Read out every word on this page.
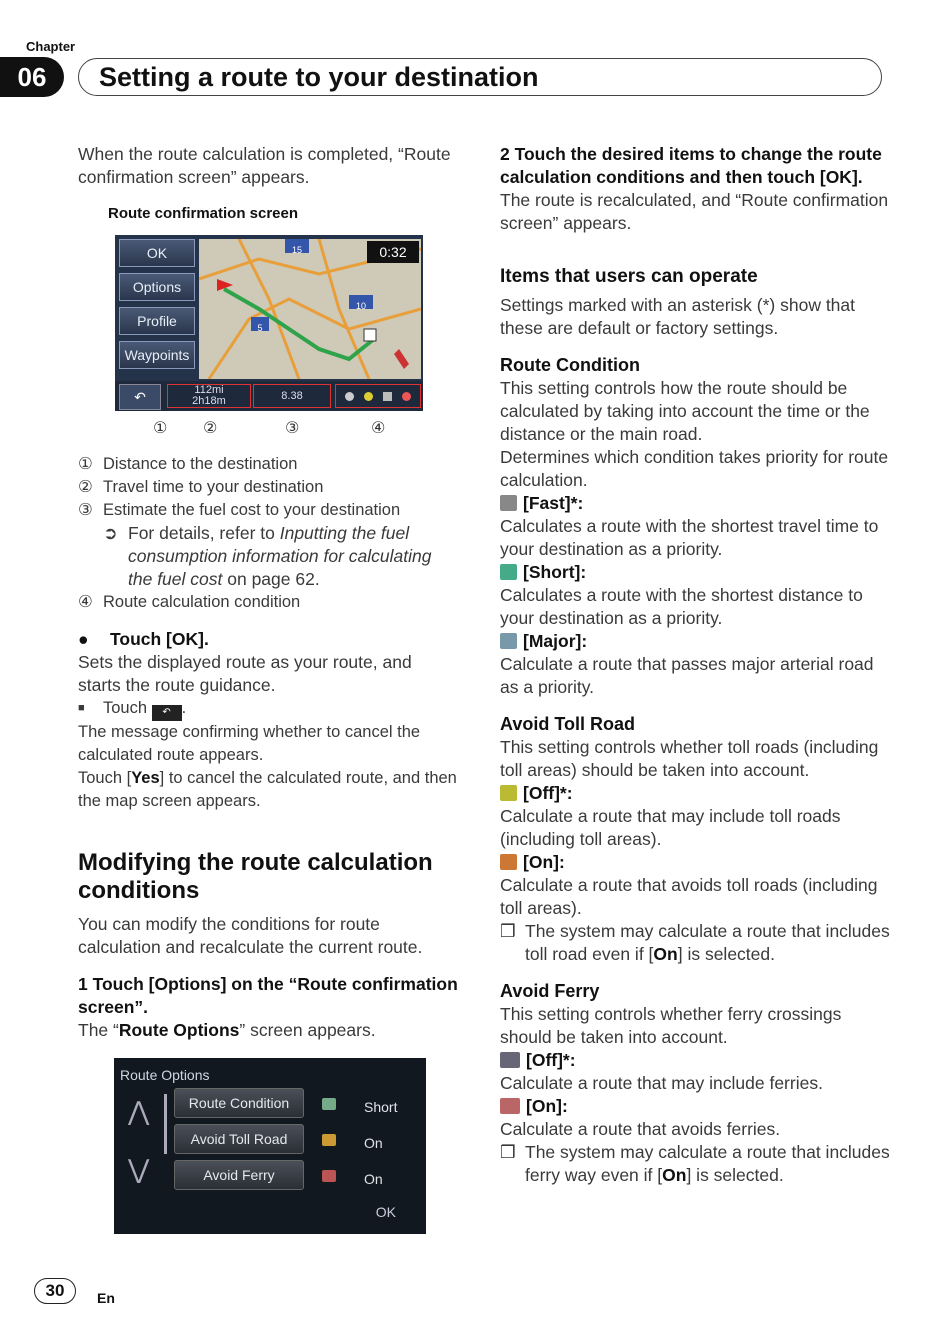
Chapter
06	Setting a route to your destination

When the route calculation is completed, “Route confirmation screen” appears.

Route confirmation screen
OK
Options
Profile
Waypoints
15
10
5
0:32
↶	112mi
2h18m	8.38
① ②	③	④
① Distance to the destination
② Travel time to your destination
③ Estimate the fuel cost to your destination
➲ For details, refer to Inputting the fuel consumption information for calculating the fuel cost on page 62.
④ Route calculation condition
●	Touch [OK].

Sets the displayed route as your route, and starts the route guidance.

■	Touch ↶ .

The message confirming whether to cancel the calculated route appears.

Touch [Yes] to cancel the calculated route, and then the map screen appears.

Modifying the route calculation conditions

You can modify the conditions for route calculation and recalculate the current route.

1 Touch [Options] on the “Route confirmation screen”.

The “Route Options” screen appears.

Route Options
⋀
⋁
Route Condition	Short
Avoid Toll Road	On
Avoid Ferry	On
OK

2 Touch the desired items to change the route calculation conditions and then touch [OK].

The route is recalculated, and “Route confirmation screen” appears.

Items that users can operate

Settings marked with an asterisk (*) show that these are default or factory settings.

Route Condition

This setting controls how the route should be calculated by taking into account the time or the distance or the main road.

Determines which condition takes priority for route calculation.

[Fast]*:

Calculates a route with the shortest travel time to your destination as a priority.

[Short]:

Calculates a route with the shortest distance to your destination as a priority.

[Major]:

Calculate a route that passes major arterial road as a priority.

Avoid Toll Road

This setting controls whether toll roads (including toll areas) should be taken into account.

[Off]*:

Calculate a route that may include toll roads (including toll areas).

[On]:

Calculate a route that avoids toll roads (including toll areas).

❒ The system may calculate a route that includes toll road even if [On] is selected.
Avoid Ferry

This setting controls whether ferry crossings should be taken into account.

[Off]*:

Calculate a route that may include ferries.

[On]:

Calculate a route that avoids ferries.

❒ The system may calculate a route that includes ferry way even if [On] is selected.
30	En
